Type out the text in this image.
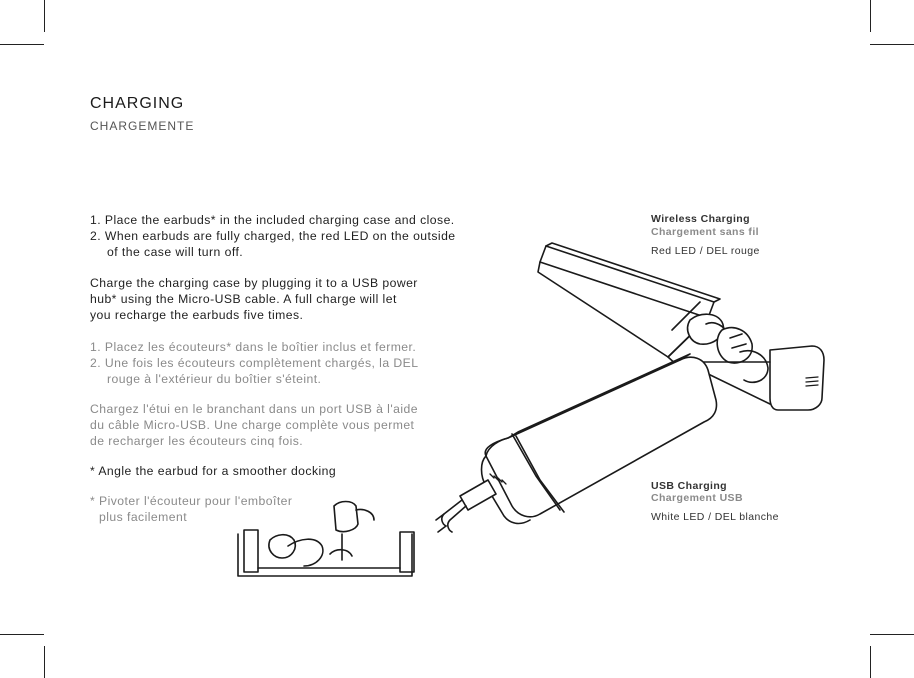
CHARGING
CHARGEMENTE
1. Place the earbuds* in the included charging case and close.
2. When earbuds are fully charged, the red LED on the outside
of the case will turn off.
Charge the charging case by plugging it to a USB power
hub* using the Micro-USB cable. A full charge will let
you recharge the earbuds five times.
1. Placez les écouteurs* dans le boîtier inclus et fermer.
2. Une fois les écouteurs complètement chargés, la DEL
rouge à l'extérieur du boîtier s'éteint.
Chargez l'étui en le branchant dans un port USB à l'aide
du câble Micro-USB. Une charge complète vous permet
de recharger les écouteurs cinq fois.
* Angle the earbud for a smoother docking
* Pivoter l'écouteur pour l'emboîter
plus facilement
Wireless Charging
Chargement sans fil
Red LED / DEL rouge
USB Charging
Chargement USB
White LED / DEL blanche
